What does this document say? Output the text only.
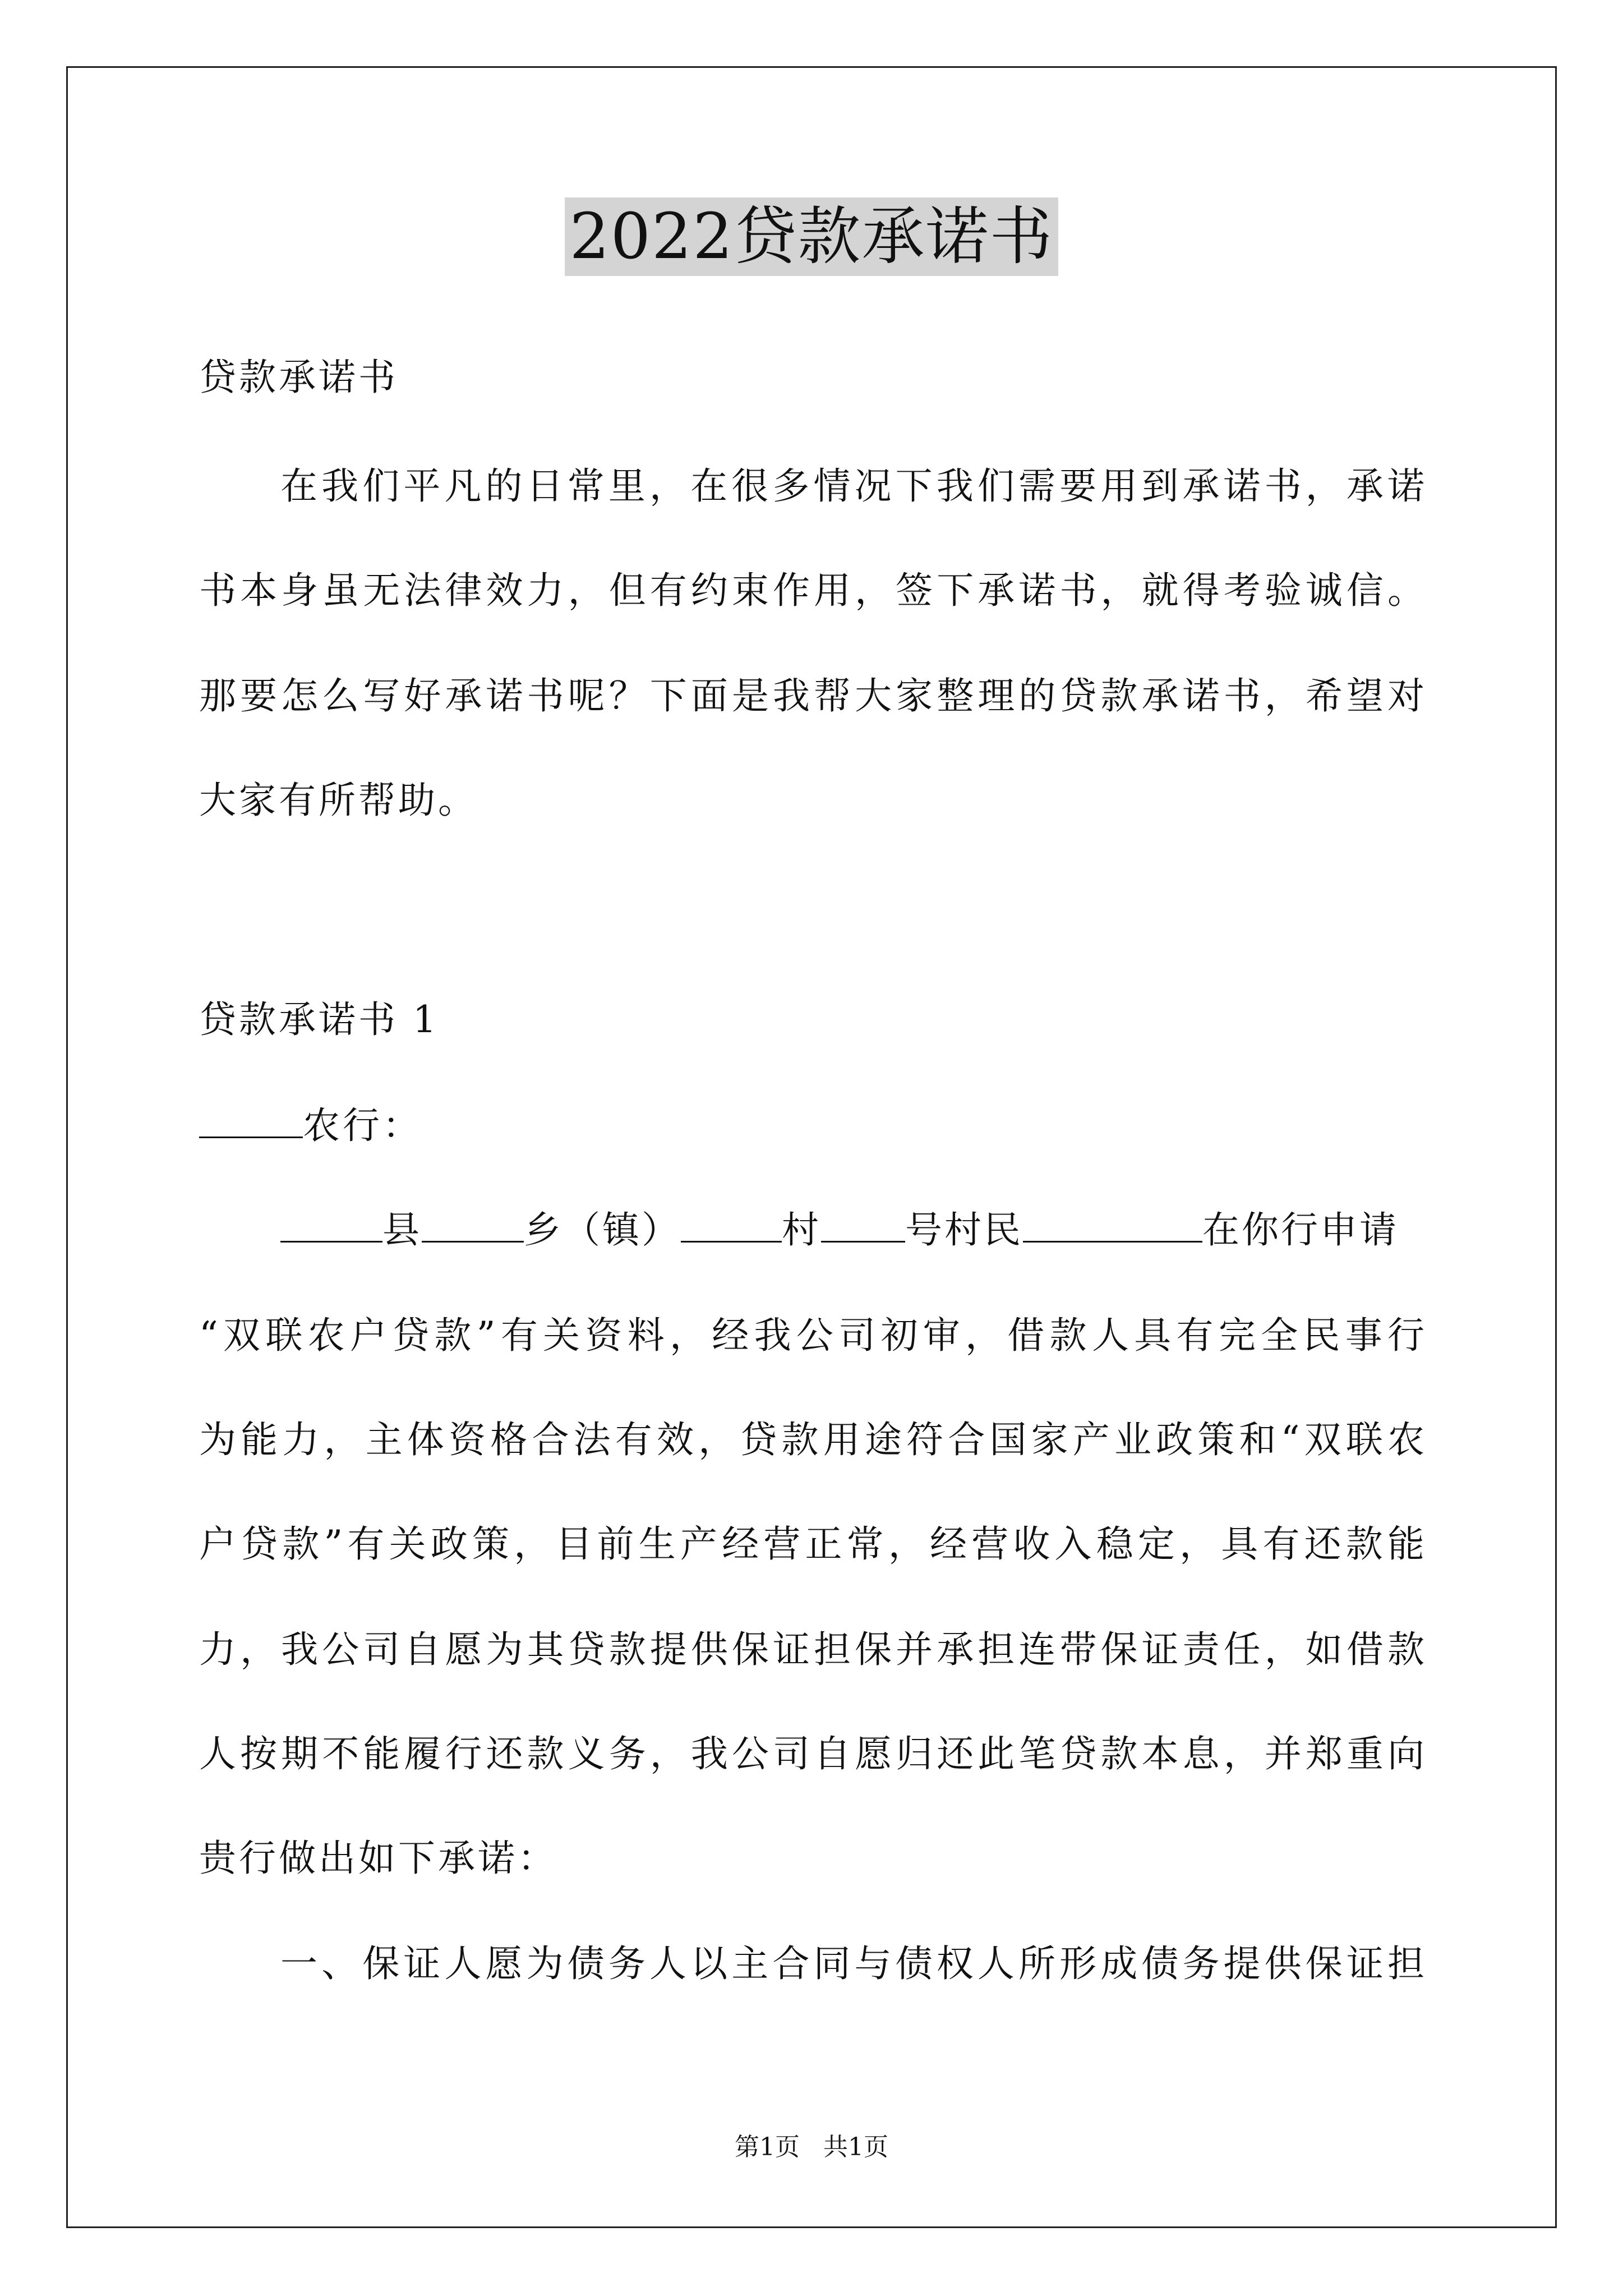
2022贷款承诺书
贷款承诺书
在我们平凡的日常里，在很多情况下我们需要用到承诺书，承诺
书本身虽无法律效力，但有约束作用，签下承诺书，就得考验诚信。
那要怎么写好承诺书呢？下面是我帮大家整理的贷款承诺书，希望对
大家有所帮助。
贷款承诺书 1
农行：
县	乡（镇）	村 号村民	在你行申请
“双联农户贷款”有关资料，经我公司初审，借款人具有完全民事行
为能力，主体资格合法有效，贷款用途符合国家产业政策和“双联农
户贷款”有关政策，目前生产经营正常，经营收入稳定，具有还款能
力，我公司自愿为其贷款提供保证担保并承担连带保证责任，如借款
人按期不能履行还款义务，我公司自愿归还此笔贷款本息，并郑重向
贵行做出如下承诺：
一、保证人愿为债务人以主合同与债权人所形成债务提供保证担
第1页   共1页
